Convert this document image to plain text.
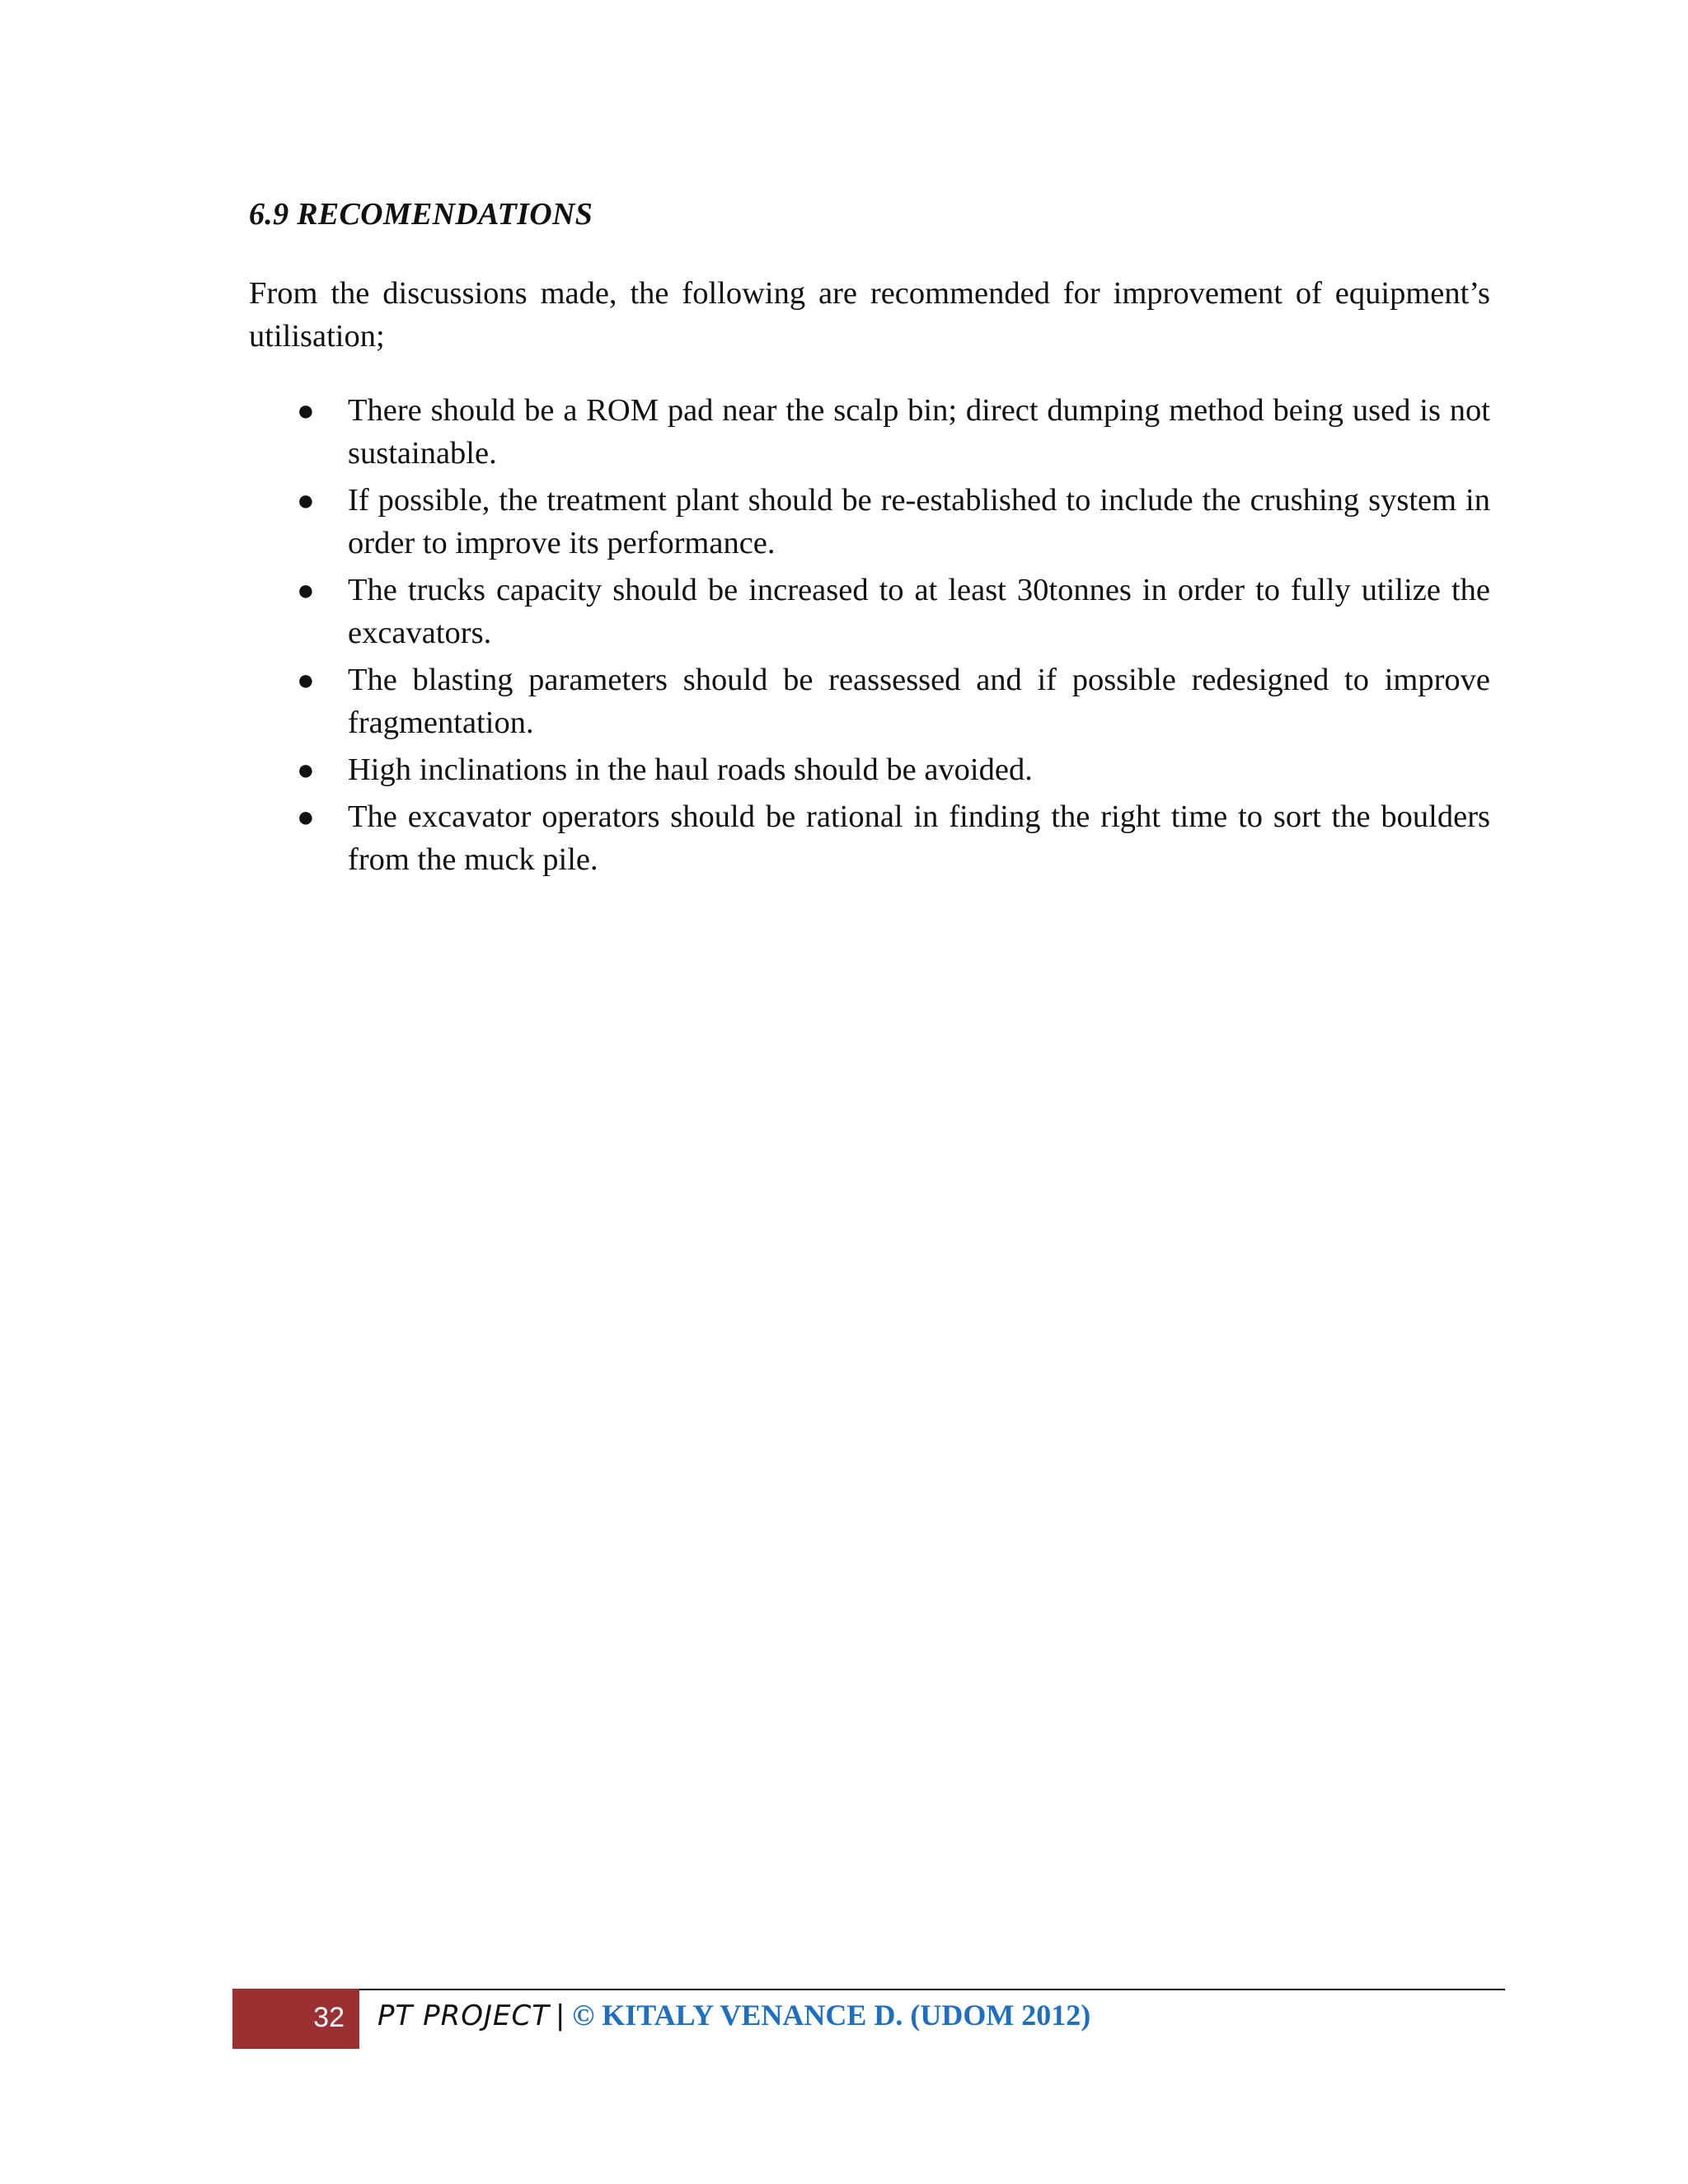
6.9 RECOMENDATIONS

From the discussions made, the following are recommended for improvement of equipment’s utilisation;

● There should be a ROM pad near the scalp bin; direct dumping method being used is not sustainable.
● If possible, the treatment plant should be re-established to include the crushing system in order to improve its performance.
● The trucks capacity should be increased to at least 30tonnes in order to fully utilize the excavators.
● The blasting parameters should be reassessed and if possible redesigned to improve fragmentation.
● High inclinations in the haul roads should be avoided.
● The excavator operators should be rational in finding the right time to sort the boulders from the muck pile.
32 PT PROJECT | © KITALY VENANCE D. (UDOM 2012)
